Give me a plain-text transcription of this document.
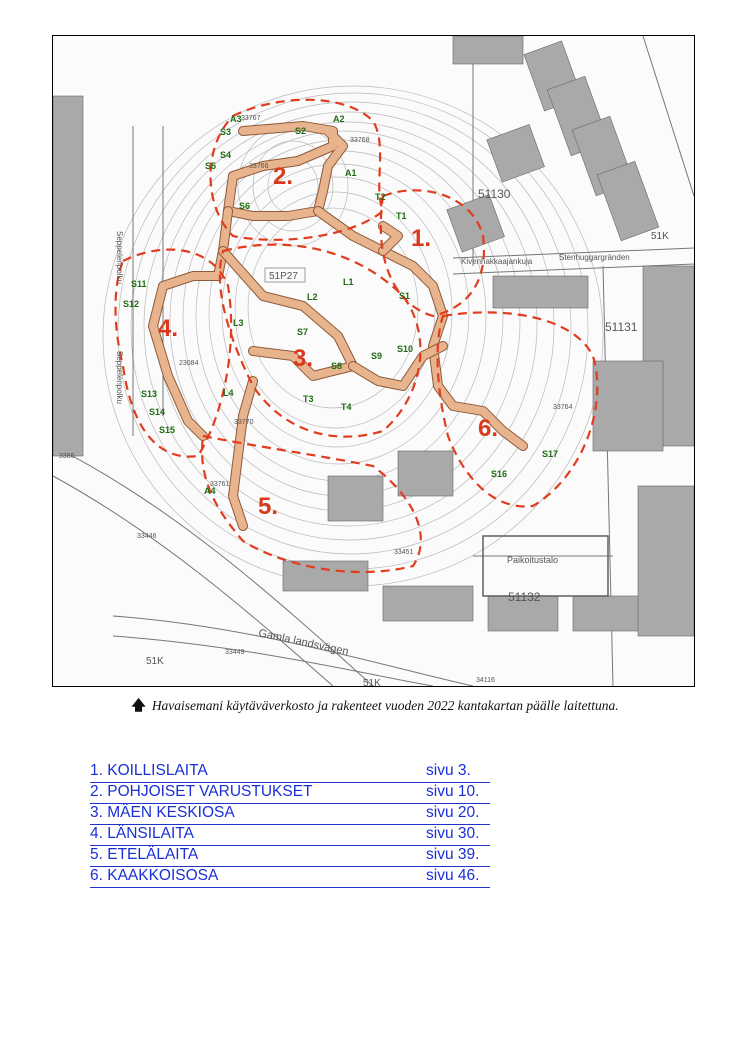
1.
2.
3.
4.
5.
6.
A3
S2
A2
S3
S4
S5
A1
T2
T1
S6
L1
S1
S11
S12
L2
L3
S7
S10
S9
S8
T3
T4
S13
S14
S15
L4
A4
S16
S17
51P27
51130
51131
51132
Kivenhakkaajankuja	Stenhuggargränden
Gamla landsvägen
Seppelenpolku
Seppelenpolku
51K
51K
51K
Paikoitustalo
33767
33768
33766
23084
33770
33764
33761
33446
33449
33451
34116
3386
🡅 Havaisemani käytäväverkosto ja rakenteet vuoden 2022 kantakartan päälle laitettuna.
1. KOILLISLAITA	sivu 3.
2. POHJOISET VARUSTUKSET	sivu 10.
3. MÄEN KESKIOSA	sivu 20.
4. LÄNSILAITA	sivu 30.
5. ETELÄLAITA	sivu 39.
6. KAAKKOISOSA	sivu 46.
